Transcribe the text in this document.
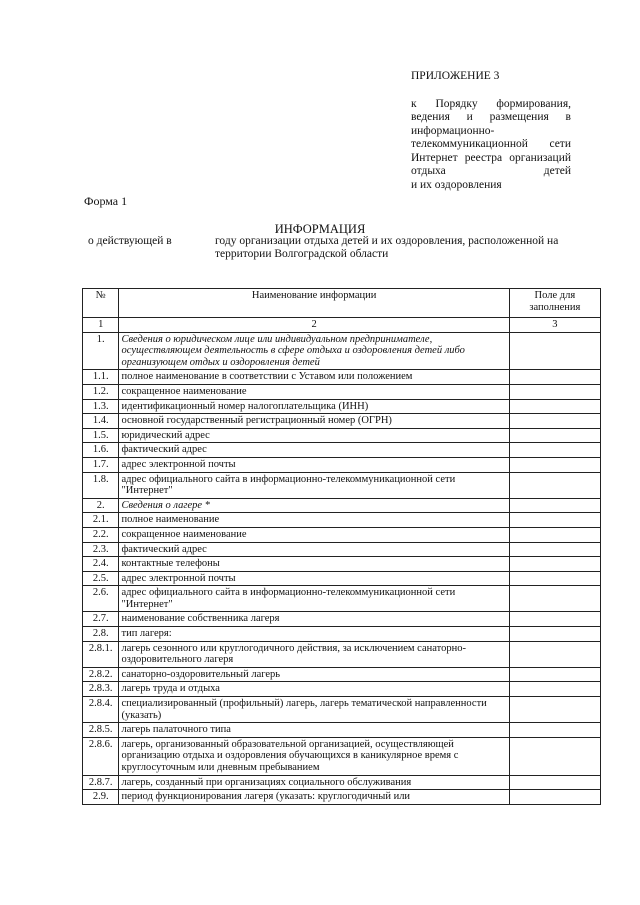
ПРИЛОЖЕНИЕ 3
к Порядку формирования, ведения и размещения в информационно-телекоммуникационной сети Интернет реестра организаций отдыха детей
и их оздоровления
Форма 1
ИНФОРМАЦИЯ
о действующей в	году организации отдыха детей и их оздоровления, расположенной на территории Волгоградской области
№	Наименование информации	Поле для заполнения
1	2	3
1.	Сведения о юридическом лице или индивидуальном предпринимателе, осуществляющем деятельность в сфере отдыха и оздоровления детей либо организующем отдых и оздоровления детей	
1.1.	полное наименование в соответствии с Уставом или положением	
1.2.	сокращенное наименование	
1.3.	идентификационный номер налогоплательщика (ИНН)	
1.4.	основной государственный регистрационный номер (ОГРН)	
1.5.	юридический адрес	
1.6.	фактический адрес	
1.7.	адрес электронной почты	
1.8.	адрес официального сайта в информационно-телекоммуникационной сети "Интернет"	
2.	Сведения о лагере *	
2.1.	полное наименование	
2.2.	сокращенное наименование	
2.3.	фактический адрес	
2.4.	контактные телефоны	
2.5.	адрес электронной почты	
2.6.	адрес официального сайта в информационно-телекоммуникационной сети "Интернет"	
2.7.	наименование собственника лагеря	
2.8.	тип лагеря:	
2.8.1.	лагерь сезонного или круглогодичного действия, за исключением санаторно-оздоровительного лагеря	
2.8.2.	санаторно-оздоровительный лагерь	
2.8.3.	лагерь труда и отдыха	
2.8.4.	специализированный (профильный) лагерь, лагерь тематической направленности (указать)	
2.8.5.	лагерь палаточного типа	
2.8.6.	лагерь, организованный образовательной организацией, осуществляющей организацию отдыха и оздоровления обучающихся в каникулярное время с круглосуточным или дневным пребыванием	
2.8.7.	лагерь, созданный при организациях социального обслуживания	
2.9.	период функционирования лагеря (указать: круглогодичный или	
